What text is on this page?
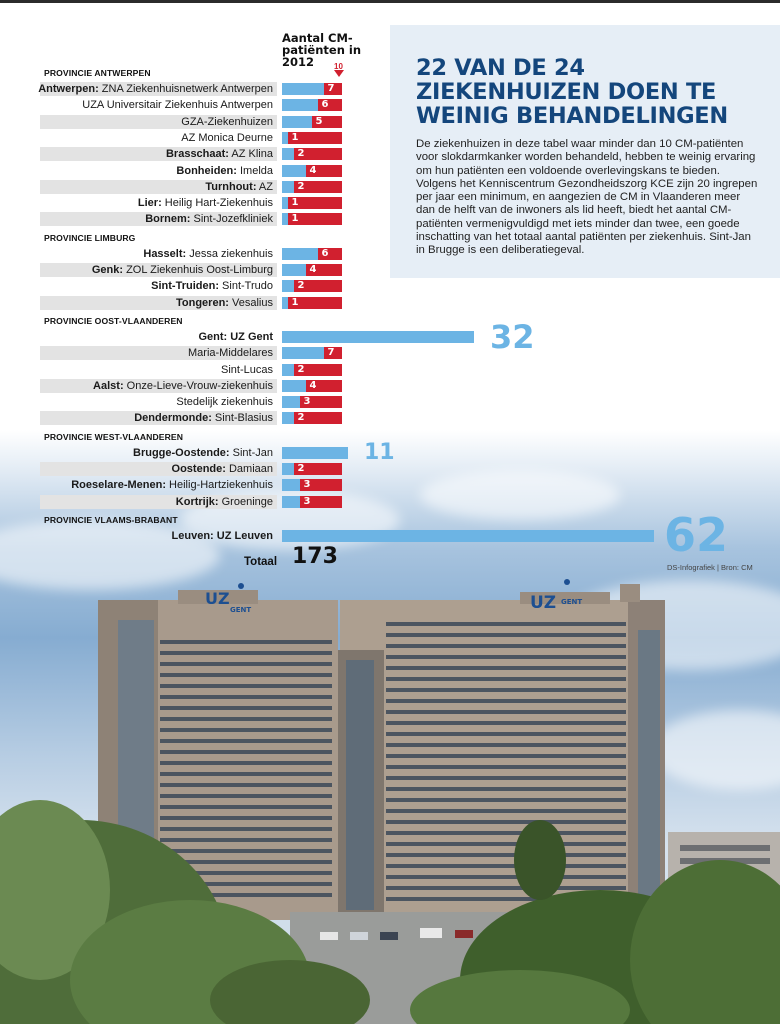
UZ
GENT	UZ GENT
22 VAN DE 24 ZIEKENHUIZEN DOEN TE WEINIG BEHANDELINGEN

De ziekenhuizen in deze tabel waar minder dan 10 CM-patiënten voor slokdarmkanker worden behandeld, hebben te weinig ervaring om hun patiënten een voldoende overlevingskans te bieden. Volgens het Kenniscentrum Gezondheidszorg KCE zijn 20 ingrepen per jaar een minimum, en aangezien de CM in Vlaanderen meer dan de helft van de inwoners als lid heeft, biedt het aantal CM-patiënten vermenigvuldigd met iets minder dan twee, een goede inschatting van het totaal aantal patiënten per ziekenhuis. Sint-Jan in Brugge is een deliberatiegeval.

Aantal CM-patiënten in 2012	10
PROVINCIE ANTWERPEN
Antwerpen: ZNA Ziekenhuisnetwerk Antwerpen	7
UZA Universitair Ziekenhuis Antwerpen	6
GZA-Ziekenhuizen	5
AZ Monica Deurne	1
Brasschaat: AZ Klina	2
Bonheiden: Imelda	4
Turnhout: AZ	2
Lier: Heilig Hart-Ziekenhuis	1
Bornem: Sint-Jozefkliniek	1
PROVINCIE LIMBURG
Hasselt: Jessa ziekenhuis	6
Genk: ZOL Ziekenhuis Oost-Limburg	4
Sint-Truiden: Sint-Trudo	2
Tongeren: Vesalius	1
PROVINCIE OOST-VLAANDEREN
Gent: UZ Gent	32
Maria-Middelares	7
Sint-Lucas	2
Aalst: Onze-Lieve-Vrouw-ziekenhuis	4
Stedelijk ziekenhuis	3
Dendermonde: Sint-Blasius	2
PROVINCIE WEST-VLAANDEREN
Brugge-Oostende: Sint-Jan	11
Oostende: Damiaan	2
Roeselare-Menen: Heilig-Hartziekenhuis	3
Kortrijk: Groeninge	3
PROVINCIE VLAAMS-BRABANT
Leuven: UZ Leuven	62
Totaal 173	DS-Infografiek | Bron: CM
